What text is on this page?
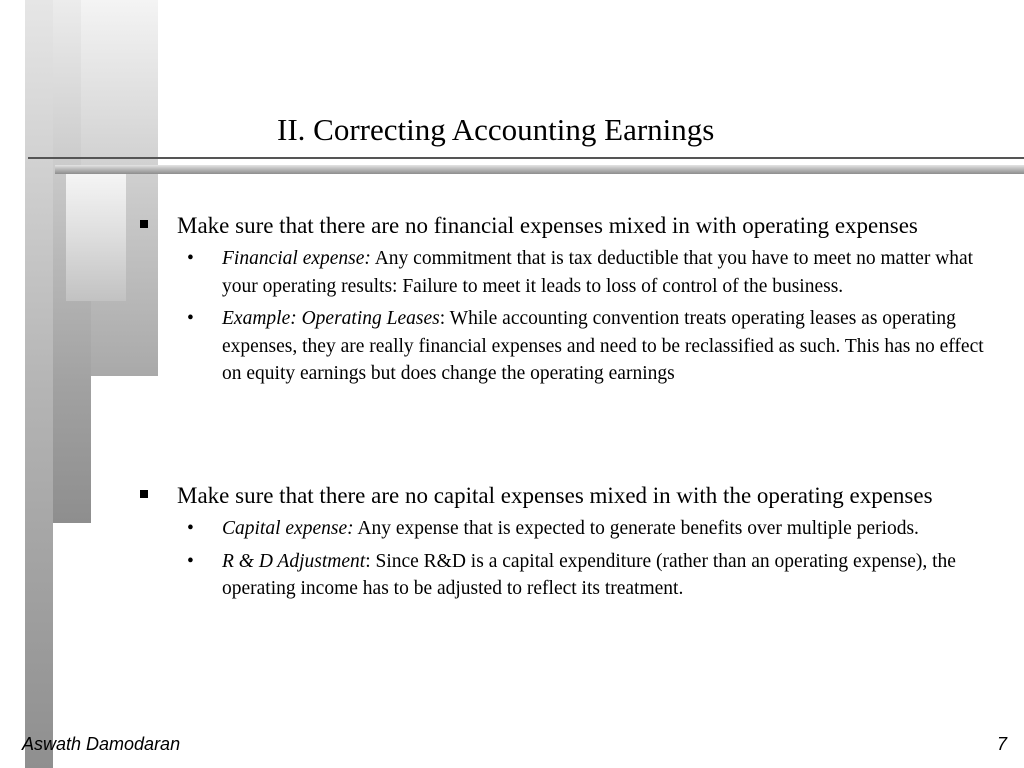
II. Correcting Accounting Earnings
Make sure that there are no financial expenses mixed in with operating expenses
• Financial expense: Any commitment that is tax deductible that you have to meet no matter what your operating results: Failure to meet it leads to loss of control of the business.
• Example: Operating Leases: While accounting convention treats operating leases as operating expenses, they are really financial expenses and need to be reclassified as such. This has no effect on equity earnings but does change the operating earnings
Make sure that there are no capital expenses mixed in with the operating expenses
• Capital expense: Any expense that is expected to generate benefits over multiple periods.
• R & D Adjustment: Since R&D is a capital expenditure (rather than an operating expense), the operating income has to be adjusted to reflect its treatment.
Aswath Damodaran	7
